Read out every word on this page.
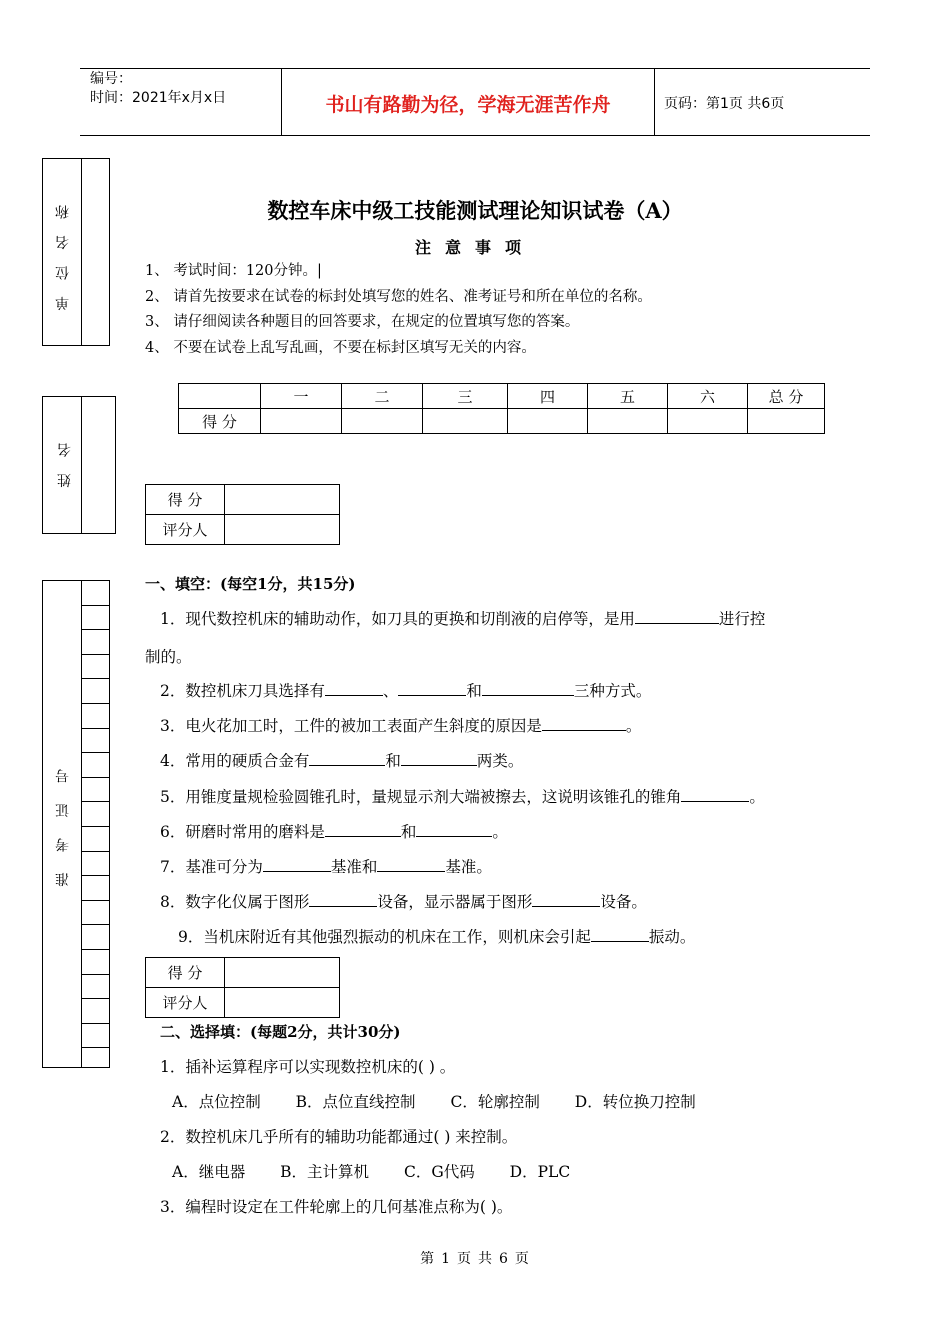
编号：
时间：2021年x月x日	书山有路勤为径，学海无涯苦作舟	页码：第1页 共6页
单 位 名 称
姓 名
准 考 证 号
数控车床中级工技能测试理论知识试卷（A）
注意事项
1、 考试时间：120分钟。|
2、 请首先按要求在试卷的标封处填写您的姓名、准考证号和所在单位的名称。
3、 请仔细阅读各种题目的回答要求，在规定的位置填写您的答案。
4、 不要在试卷上乱写乱画，不要在标封区填写无关的内容。
	一	二	三	四	五	六	总 分
得 分							
得 分	
评分人	
一、填空：(每空1分，共15分)
1．现代数控机床的辅助动作，如刀具的更换和切削液的启停等，是用	进行控
制的。
2．数控机床刀具选择有	、	和	三种方式。
3．电火花加工时，工件的被加工表面产生斜度的原因是	。
4．常用的硬质合金有	和	两类。
5．用锥度量规检验圆锥孔时，量规显示剂大端被擦去，这说明该锥孔的锥角	。
6．研磨时常用的磨料是	和	。
7．基准可分为	基准和	基准。
8．数字化仪属于图形	设备，显示器属于图形	设备。
9．当机床附近有其他强烈振动的机床在工作，则机床会引起	振动。
得 分	
评分人	
二、选择填：(每题2分，共计30分)
1．插补运算程序可以实现数控机床的( ) 。
A．点位控制 B．点位直线控制 C．轮廓控制 D．转位换刀控制
2．数控机床几乎所有的辅助功能都通过( ) 来控制。
A．继电器 B．主计算机 C．G代码 D．PLC
3．编程时设定在工件轮廓上的几何基准点称为( )。
第 1 页 共 6 页
